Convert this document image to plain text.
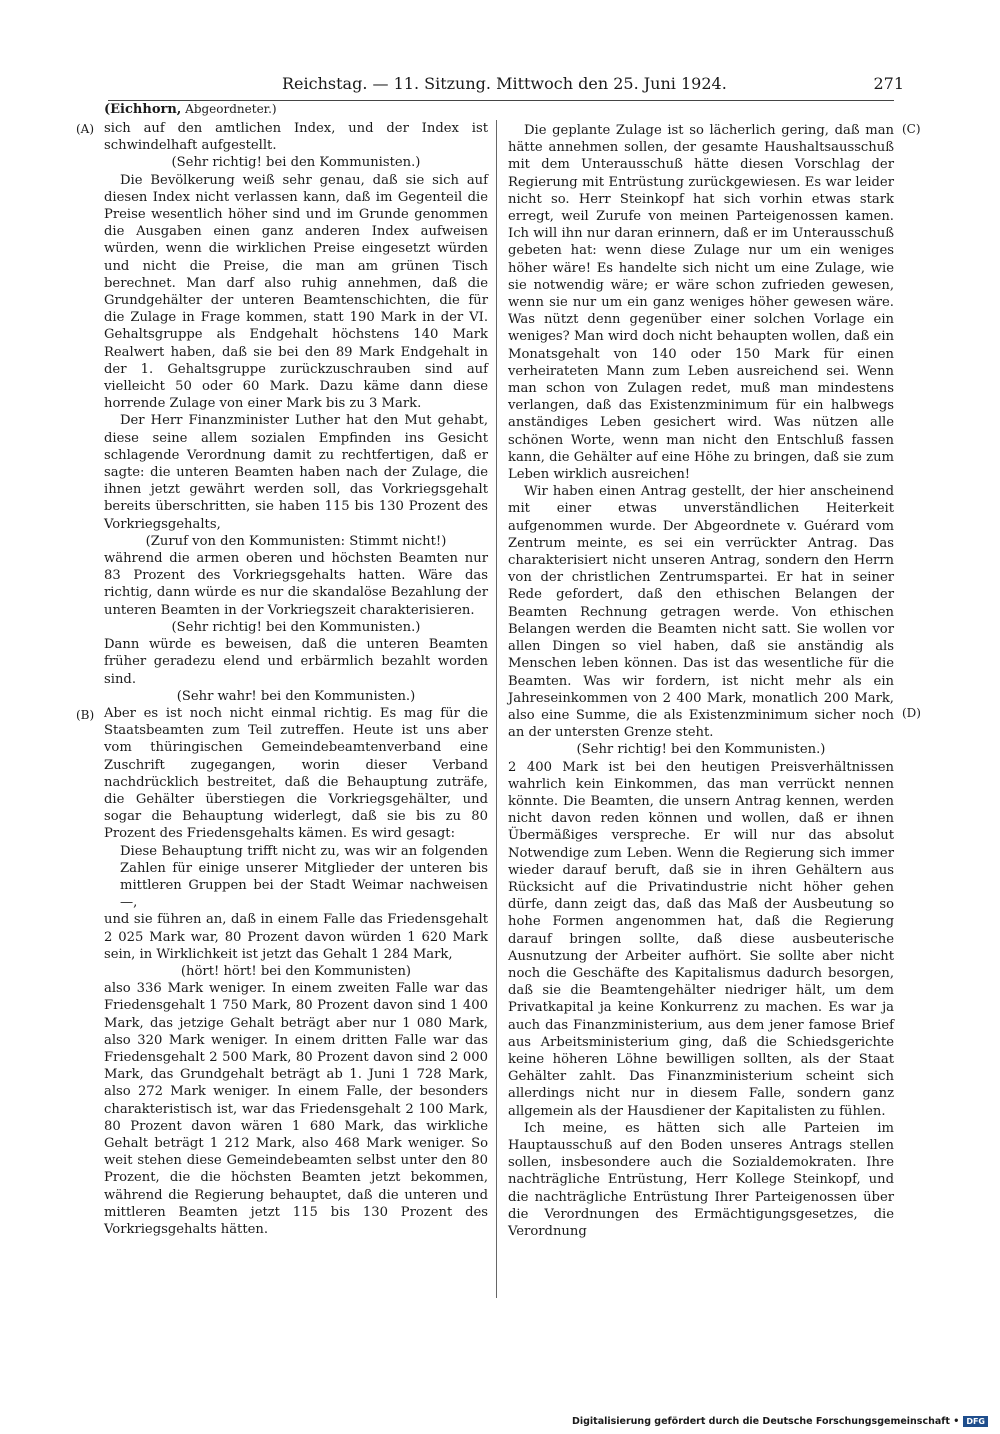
Reichstag. — 11. Sitzung. Mittwoch den 25. Juni 1924.	271
(Eichhorn, Abgeordneter.)
(A)
(B)
(C)
(D)

sich auf den amtlichen Index, und der Index ist schwindelhaft aufgestellt.

(Sehr richtig! bei den Kommunisten.)

Die Bevölkerung weiß sehr genau, daß sie sich auf diesen Index nicht verlassen kann, daß im Gegenteil die Preise wesentlich höher sind und im Grunde genommen die Ausgaben einen ganz anderen Index aufweisen würden, wenn die wirklichen Preise eingesetzt würden und nicht die Preise, die man am grünen Tisch berechnet. Man darf also ruhig annehmen, daß die Grundgehälter der unteren Beamtenschichten, die für die Zulage in Frage kommen, statt 190 Mark in der VI. Gehaltsgruppe als Endgehalt höchstens 140 Mark Realwert haben, daß sie bei den 89 Mark Endgehalt in der 1. Gehaltsgruppe zurückzuschrauben sind auf vielleicht 50 oder 60 Mark. Dazu käme dann diese horrende Zulage von einer Mark bis zu 3 Mark.

Der Herr Finanzminister Luther hat den Mut gehabt, diese seine allem sozialen Empfinden ins Gesicht schlagende Verordnung damit zu rechtfertigen, daß er sagte: die unteren Beamten haben nach der Zulage, die ihnen jetzt gewährt werden soll, das Vorkriegsgehalt bereits überschritten, sie haben 115 bis 130 Prozent des Vorkriegsgehalts,

(Zuruf von den Kommunisten: Stimmt nicht!)

während die armen oberen und höchsten Beamten nur 83 Prozent des Vorkriegsgehalts hatten. Wäre das richtig, dann würde es nur die skandalöse Bezahlung der unteren Beamten in der Vorkriegszeit charakterisieren.

(Sehr richtig! bei den Kommunisten.)

Dann würde es beweisen, daß die unteren Beamten früher geradezu elend und erbärmlich bezahlt worden sind.

(Sehr wahr! bei den Kommunisten.)

Aber es ist noch nicht einmal richtig. Es mag für die Staatsbeamten zum Teil zutreffen. Heute ist uns aber vom thüringischen Gemeindebeamtenverband eine Zuschrift zugegangen, worin dieser Verband nachdrücklich bestreitet, daß die Behauptung zuträfe, die Gehälter überstiegen die Vorkriegsgehälter, und sogar die Behauptung widerlegt, daß sie bis zu 80 Prozent des Friedensgehalts kämen. Es wird gesagt:

Diese Behauptung trifft nicht zu, was wir an folgenden Zahlen für einige unserer Mitglieder der unteren bis mittleren Gruppen bei der Stadt Weimar nachweisen —,

und sie führen an, daß in einem Falle das Friedensgehalt 2 025 Mark war, 80 Prozent davon würden 1 620 Mark sein, in Wirklichkeit ist jetzt das Gehalt 1 284 Mark,

(hört! hört! bei den Kommunisten)

also 336 Mark weniger. In einem zweiten Falle war das Friedensgehalt 1 750 Mark, 80 Prozent davon sind 1 400 Mark, das jetzige Gehalt beträgt aber nur 1 080 Mark, also 320 Mark weniger. In einem dritten Falle war das Friedensgehalt 2 500 Mark, 80 Prozent davon sind 2 000 Mark, das Grundgehalt beträgt ab 1. Juni 1 728 Mark, also 272 Mark weniger. In einem Falle, der besonders charakteristisch ist, war das Friedensgehalt 2 100 Mark, 80 Prozent davon wären 1 680 Mark, das wirkliche Gehalt beträgt 1 212 Mark, also 468 Mark weniger. So weit stehen diese Gemeindebeamten selbst unter den 80 Prozent, die die höchsten Beamten jetzt bekommen, während die Regierung behauptet, daß die unteren und mittleren Beamten jetzt 115 bis 130 Prozent des Vorkriegsgehalts hätten.

Die geplante Zulage ist so lächerlich gering, daß man hätte annehmen sollen, der gesamte Haushaltsausschuß mit dem Unterausschuß hätte diesen Vorschlag der Regierung mit Entrüstung zurückgewiesen. Es war leider nicht so. Herr Steinkopf hat sich vorhin etwas stark erregt, weil Zurufe von meinen Parteigenossen kamen. Ich will ihn nur daran erinnern, daß er im Unterausschuß gebeten hat: wenn diese Zulage nur um ein weniges höher wäre! Es handelte sich nicht um eine Zulage, wie sie notwendig wäre; er wäre schon zufrieden gewesen, wenn sie nur um ein ganz weniges höher gewesen wäre. Was nützt denn gegenüber einer solchen Vorlage ein weniges? Man wird doch nicht behaupten wollen, daß ein Monatsgehalt von 140 oder 150 Mark für einen verheirateten Mann zum Leben ausreichend sei. Wenn man schon von Zulagen redet, muß man mindestens verlangen, daß das Existenzminimum für ein halbwegs anständiges Leben gesichert wird. Was nützen alle schönen Worte, wenn man nicht den Entschluß fassen kann, die Gehälter auf eine Höhe zu bringen, daß sie zum Leben wirklich ausreichen!

Wir haben einen Antrag gestellt, der hier anscheinend mit einer etwas unverständlichen Heiterkeit aufgenommen wurde. Der Abgeordnete v. Guérard vom Zentrum meinte, es sei ein verrückter Antrag. Das charakterisiert nicht unseren Antrag, sondern den Herrn von der christlichen Zentrumspartei. Er hat in seiner Rede gefordert, daß den ethischen Belangen der Beamten Rechnung getragen werde. Von ethischen Belangen werden die Beamten nicht satt. Sie wollen vor allen Dingen so viel haben, daß sie anständig als Menschen leben können. Das ist das wesentliche für die Beamten. Was wir fordern, ist nicht mehr als ein Jahreseinkommen von 2 400 Mark, monatlich 200 Mark, also eine Summe, die als Existenzminimum sicher noch an der untersten Grenze steht.

(Sehr richtig! bei den Kommunisten.)

2 400 Mark ist bei den heutigen Preisverhältnissen wahrlich kein Einkommen, das man verrückt nennen könnte. Die Beamten, die unsern Antrag kennen, werden nicht davon reden können und wollen, daß er ihnen Übermäßiges verspreche. Er will nur das absolut Notwendige zum Leben. Wenn die Regierung sich immer wieder darauf beruft, daß sie in ihren Gehältern aus Rücksicht auf die Privatindustrie nicht höher gehen dürfe, dann zeigt das, daß das Maß der Ausbeutung so hohe Formen angenommen hat, daß die Regierung darauf bringen sollte, daß diese ausbeuterische Ausnutzung der Arbeiter aufhört. Sie sollte aber nicht noch die Geschäfte des Kapitalismus dadurch besorgen, daß sie die Beamtengehälter niedriger hält, um dem Privatkapital ja keine Konkurrenz zu machen. Es war ja auch das Finanzministerium, aus dem jener famose Brief aus Arbeitsministerium ging, daß die Schiedsgerichte keine höheren Löhne bewilligen sollten, als der Staat Gehälter zahlt. Das Finanzministerium scheint sich allerdings nicht nur in diesem Falle, sondern ganz allgemein als der Hausdiener der Kapitalisten zu fühlen.

Ich meine, es hätten sich alle Parteien im Hauptausschuß auf den Boden unseres Antrags stellen sollen, insbesondere auch die Sozialdemokraten. Ihre nachträgliche Entrüstung, Herr Kollege Steinkopf, und die nachträgliche Entrüstung Ihrer Parteigenossen über die Verordnungen des Ermächtigungsgesetzes, die Verordnung

Digitalisierung gefördert durch die Deutsche Forschungsgemeinschaft • DFG
